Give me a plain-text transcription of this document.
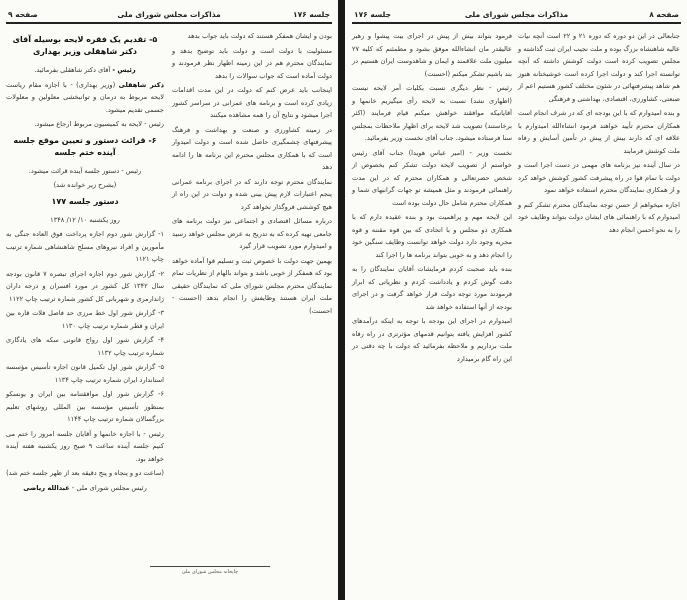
جلسه ۱۷۶
مذاکرات مجلس شورای ملی
صفحه ۹

بودن و ایشان همفکر هستند که دولت باید جواب بدهد

مسئولیت با دولت است و دولت باید توضیح بدهد و نمایندگان محترم هم در این زمینه اظهار نظر فرمودند و دولت آماده است که جواب سوالات را بدهد

اینجانب باید عرض کنم که دولت در این مدت اقدامات زیادی کرده است و برنامه های عمرانی در سراسر کشور اجرا میشود و نتایج آن را همه مشاهده میکنند

در زمینه کشاورزی و صنعت و بهداشت و فرهنگ پیشرفتهای چشمگیری حاصل شده است و دولت امیدوار است که با همکاری مجلس محترم این برنامه ها را ادامه دهد

نمایندگان محترم توجه دارند که در اجرای برنامه عمرانی پنجم اعتبارات لازم پیش بینی شده و دولت در این راه از هیچ کوششی فروگذار نخواهد کرد

درباره مسائل اقتصادی و اجتماعی نیز دولت برنامه های جامعی تهیه کرده که به تدریج به عرض مجلس خواهد رسید و امیدوارم مورد تصویب قرار گیرد

بهمین جهت دولت با خصوص ثبت و تسلیم قوا آماده خواهد بود که همفکر از خوبی باشد و بتواند بالهام از نظریات تمام نمایندگان محترم مجلس شورای ملی که نمایندگان حقیقی ملت ایران هستند وظایفش را انجام بدهد (احسنت - احسنت)

۵- تقدیم یک فقره لایحه بوسیله آقای دکتر شاهقلی وزیر بهداری

رئیس - آقای دکتر شاهقلی بفرمائید.

دکتر شاهقلی (وزیر بهداری) - با اجازه مقام ریاست لایحه مربوط به درمان و توانبخشی معلولین و معلولات جسمی تقدیم میشود.

رئیس - لایحه به کمیسیون مربوط ارجاع میشود.

۶- قرائت دستور و تعیین موقع جلسه آینده ختم جلسه

رئیس - دستور جلسه آینده قرائت میشود.

(بشرح زیر خوانده شد)

دستور جلسه ۱۷۷

روز یکشنبه ۱۰/ ۱۲/ ۱۳۴۸

۱- گزارش شور دوم اجازه پرداخت فوق العاده جنگی به مأمورین و افراد نیروهای مسلح شاهنشاهی شماره ترتیب چاپ ۱۱۲۱

۲- گزارش شور دوم اجازه اجرای تبصره ۷ قانون بودجه سال ۱۳۴۲ کل کشور در مورد افسران و درجه داران ژاندارمری و شهربانی کل کشور شماره ترتیب چاپ ۱۱۲۲

۳- گزارش شور اول خط مرزی حد فاصل فلات قاره بین ایران و قطر شماره ترتیب چاپ ۱۱۳۰

۴- گزارش شور اول رواج قانونی سکه های یادگاری شماره ترتیب چاپ ۱۱۳۲

۵- گزارش شور اول تکمیل قانون اجازه تأسیس مؤسسه استاندارد ایران شماره ترتیب چاپ ۱۱۳۴

۶- گزارش شور اول موافقتنامه بین ایران و یونسکو بمنظور تأسیس مؤسسه بین المللی روشهای تعلیم بزرگسالان شماره ترتیب چاپ ۱۱۴۴

رئیس - با اجازه خانمها و آقایان جلسه امروز را ختم می کنیم جلسه آینده ساعت ۹ صبح روز یکشنبه هفته آینده خواهد بود.

(ساعت دو و پنجاه و پنج دقیقه بعد از ظهر جلسه ختم شد)

رئیس مجلس شورای ملی - عبدالله ریاضی

چاپخانه مجلس شورای ملی
صفحه ۸
مذاکرات مجلس شورای ملی
جلسه ۱۷۶

جنابعالی در این دو دوره که دوره ۲۱ و ۲۲ است آنچه نیات عالیه شاهنشاه بزرگ بوده و ملت نجیب ایران ثبت گذاشته و مجلس تصویب کرده است دولت کوشش داشته که آنچه توانسته اجرا کند و دولت اجرا کرده است خوشبختانه هنوز هم شاهد پیشرفتهائی در شئون مختلف کشور هستیم اعم از صنعتی، کشاورزی، اقتصادی، بهداشتی و فرهنگی

و بنده امیدوارم که با این بودجه ای که در شرف انجام است همکاران محترم تأیید خواهند فرمود انشاءالله امیدوارم با علاقه ای که دارند بیش از پیش در تأمین آسایش و رفاه ملت کوشش فرمایند

در سال آینده نیز برنامه های مهمی در دست اجرا است و دولت با تمام قوا در راه پیشرفت کشور کوشش خواهد کرد و از همکاری نمایندگان محترم استفاده خواهد نمود

اجازه میخواهم از حسن توجه نمایندگان محترم تشکر کنم و امیدوارم که با راهنمائی های ایشان دولت بتواند وظایف خود را به نحو احسن انجام دهد

فرمود بتواند بیش از پیش در اجرای بیت پیشوا و رهبر عالیقدر مان انشاءالله موفق بشود و مطمئنم که کلیه ۲۷ میلیون ملت علاقمند و ایمان و شاهدوست ایران هستیم در بند باشیم تشکر میکنم (احسنت)

رئیس - نظر دیگری نسبت بکلیات آمر لایحه نیست (اظهاری نشد) نسبت به لایحه رأی میگیریم خانمها و آقایانیکه موافقند خواهش میکنم قیام فرمایند (اکثر برخاستند) تصویب شد لایحه برای اظهار ملاحظات بمجلس سنا فرستاده میشود. جناب آقای نخست وزیر بفرمائید.

نخست وزیر - (امیر عباس هویدا) جناب آقای رئیس خواستم از تصویب لایحه دولت تشکر کنم بخصوص از شخص حضرتعالی و همکاران محترم که در این مدت راهنمائی فرمودند و مثل همیشه تو جهات گرانبهای شما و همکاران محترم شامل حال دولت بوده است

این لایحه مهم و پراهمیت بود و بنده عقیده دارم که با همکاری دو مجلس و با اتحادی که بین قوه مقننه و قوه مجریه وجود دارد دولت خواهد توانست وظایف سنگین خود را انجام دهد و به خوبی بتواند برنامه ها را اجرا کند

بنده باید صحبت کردم فرمایشات آقایان نمایندگان را به دقت گوش کردم و یادداشت کردم و نظریاتی که ابراز فرمودند مورد توجه دولت قرار خواهد گرفت و در اجرای بودجه از آنها استفاده خواهد شد

امیدوارم در اجرای این بودجه با توجه به اینکه درآمدهای کشور افزایش یافته بتوانیم قدمهای مؤثرتری در راه رفاه ملت برداریم و ملاحظه بفرمائید که دولت با چه دقتی در این راه گام برمیدارد
